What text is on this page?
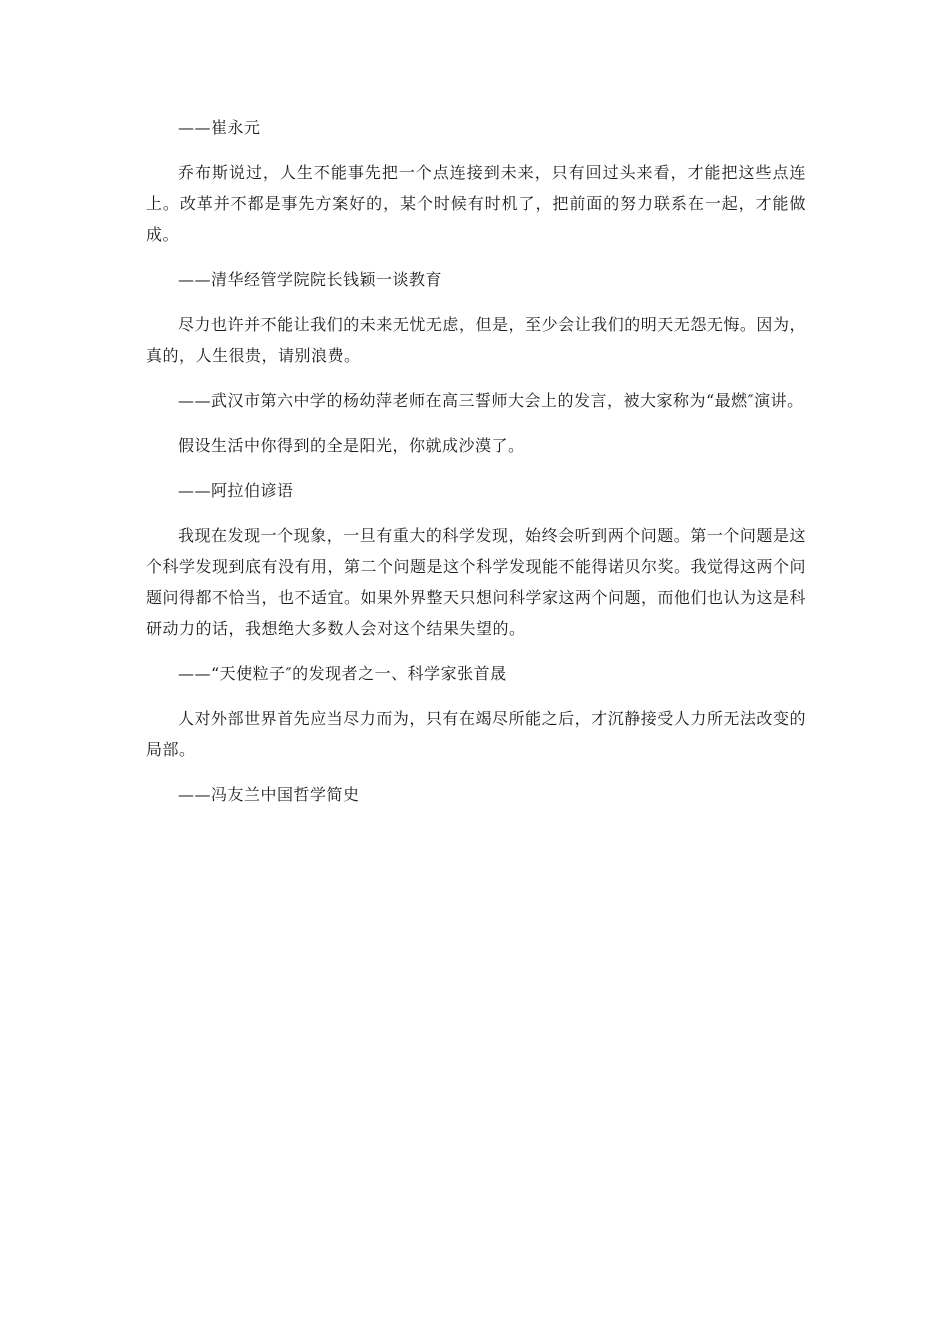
——崔永元

乔布斯说过，人生不能事先把一个点连接到未来，只有回过头来看，才能把这些点连上。改革并不都是事先方案好的，某个时候有时机了，把前面的努力联系在一起，才能做成。

——清华经管学院院长钱颖一谈教育

尽力也许并不能让我们的未来无忧无虑，但是，至少会让我们的明天无怨无悔。因为，真的，人生很贵，请别浪费。

——武汉市第六中学的杨幼萍老师在高三誓师大会上的发言，被大家称为“最燃″演讲。

假设生活中你得到的全是阳光，你就成沙漠了。

——阿拉伯谚语

我现在发现一个现象，一旦有重大的科学发现，始终会听到两个问题。第一个问题是这个科学发现到底有没有用，第二个问题是这个科学发现能不能得诺贝尔奖。我觉得这两个问题问得都不恰当，也不适宜。如果外界整天只想问科学家这两个问题，而他们也认为这是科研动力的话，我想绝大多数人会对这个结果失望的。

——“天使粒子″的发现者之一、科学家张首晟

人对外部世界首先应当尽力而为，只有在竭尽所能之后，才沉静接受人力所无法改变的局部。

——冯友兰中国哲学简史
